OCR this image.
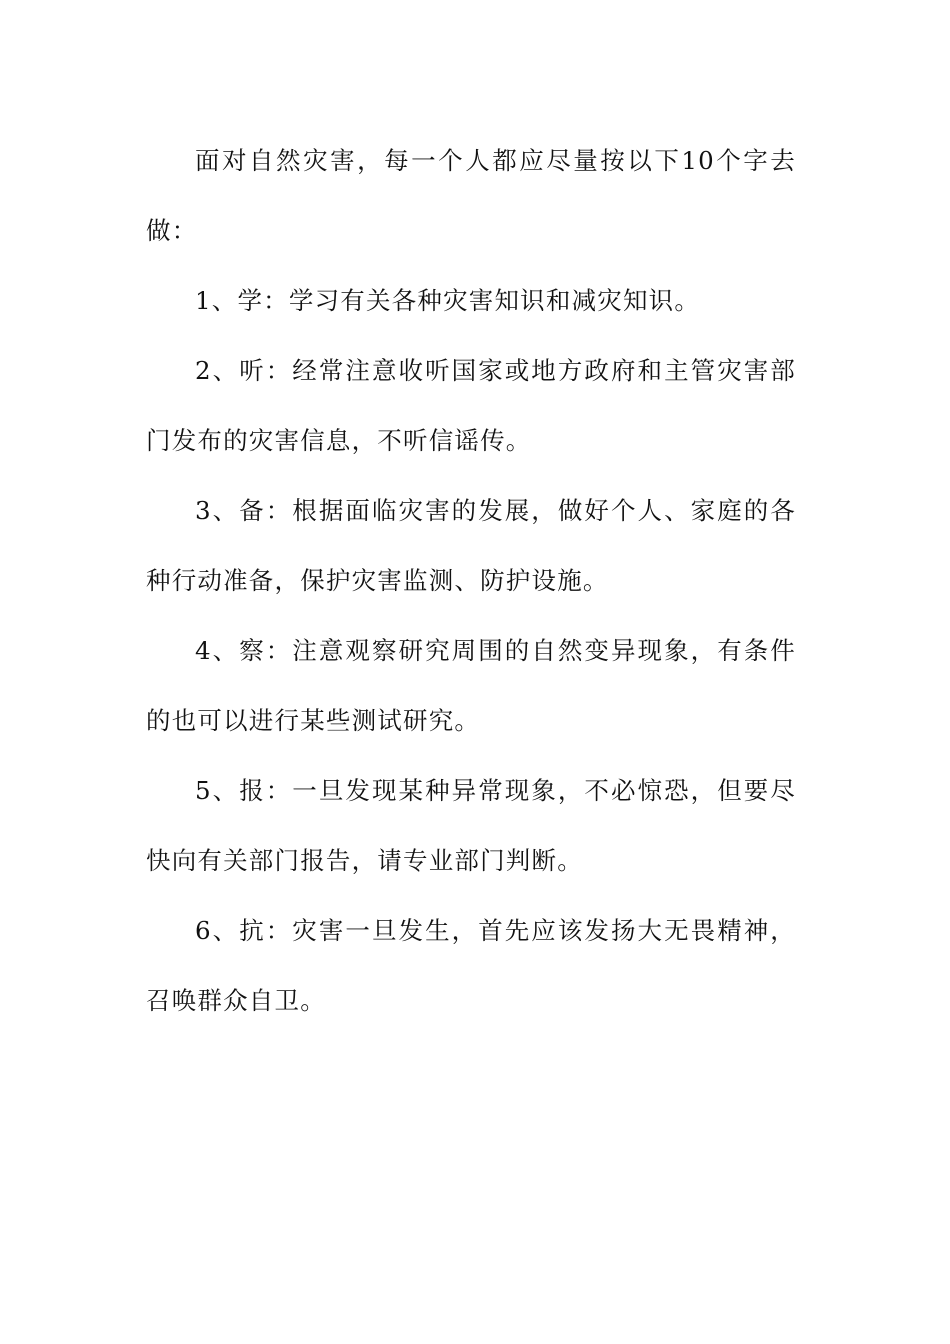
面对自然灾害，每一个人都应尽量按以下10个字去做：

1、学：学习有关各种灾害知识和减灾知识。

2、听：经常注意收听国家或地方政府和主管灾害部门发布的灾害信息，不听信谣传。

3、备：根据面临灾害的发展，做好个人、家庭的各种行动准备，保护灾害监测、防护设施。

4、察：注意观察研究周围的自然变异现象，有条件的也可以进行某些测试研究。

5、报：一旦发现某种异常现象，不必惊恐，但要尽快向有关部门报告，请专业部门判断。

6、抗：灾害一旦发生，首先应该发扬大无畏精神，召唤群众自卫。
